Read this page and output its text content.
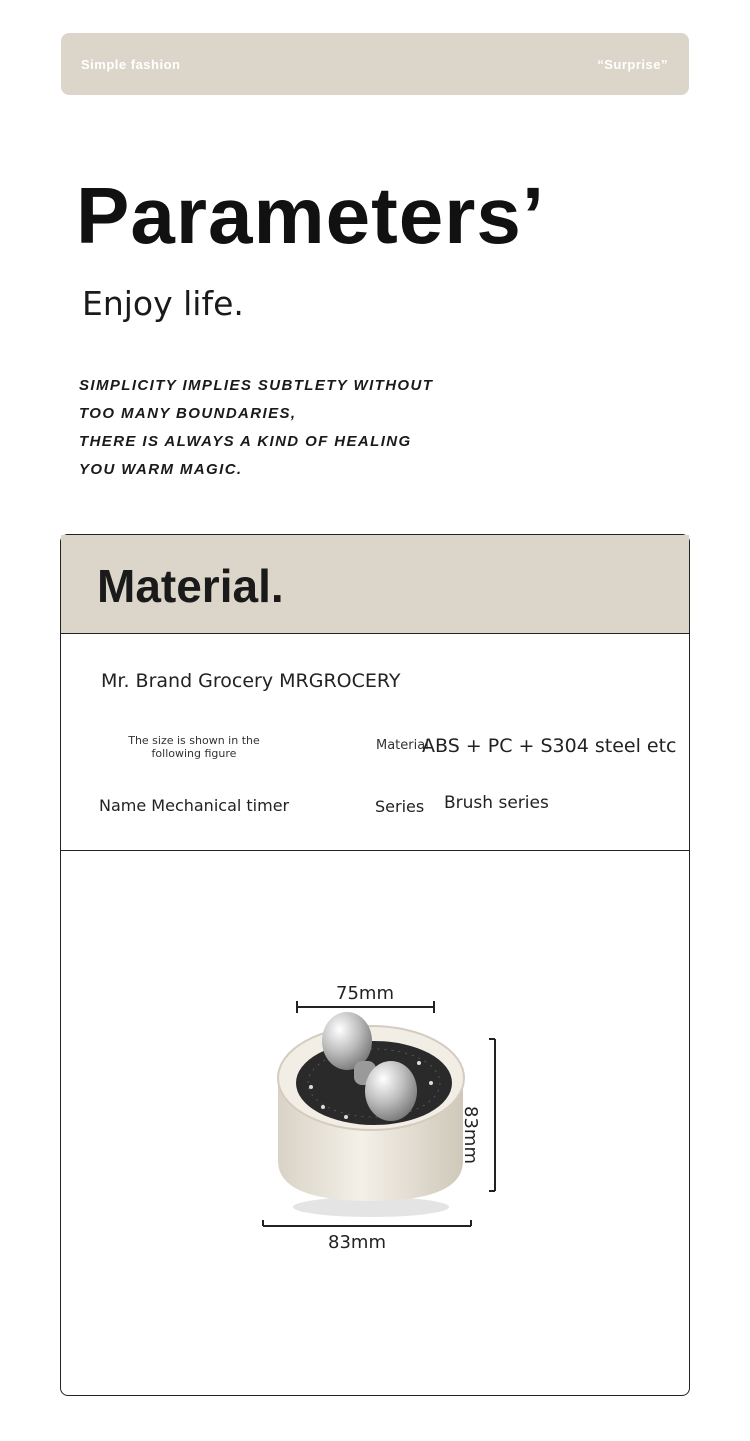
Simple fashion	“Surprise”
Parameters’
Enjoy life.
SIMPLICITY IMPLIES SUBTLETY WITHOUT
TOO MANY BOUNDARIES,
THERE IS ALWAYS A KIND OF HEALING
YOU WARM MAGIC.
Material.
Mr. Brand Grocery MRGROCERY
The size is shown in the following figure
Material
ABS + PC + S304 steel etc
Name Mechanical timer	Series Brush series
75mm
83mm
83mm
